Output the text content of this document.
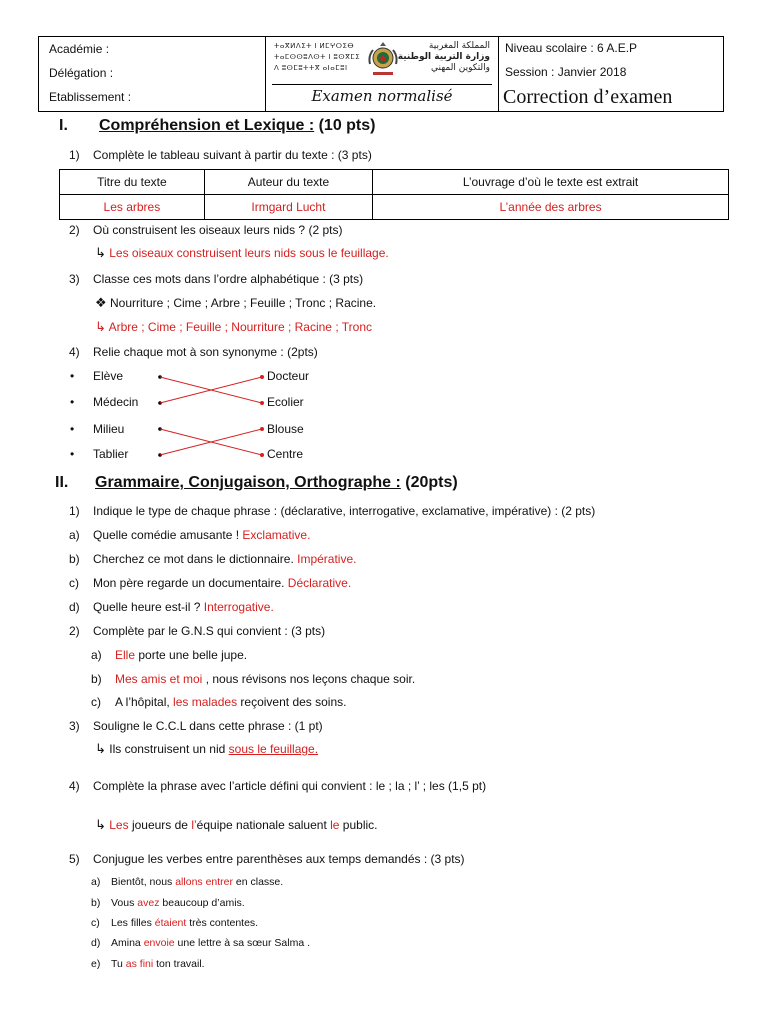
Académie :
Délégation :
Etablissement :
ⵜⴰⴳⵍⴷⵉⵜ ⵏ ⵍⵎⵖⵔⵉⴱ
ⵜⴰⵎⵙⵙⵓⴷⵙⵜ ⵏ ⵓⵙⴳⵎⵉ
ⴷ ⵓⵙⵎⵓⵜⵜⴳ ⴰⵏⴰⵎⵓⵏ
المملكة المغربية
وزارة التربية الوطنية
والتكوين المهني
Examen normalisé
Niveau scolaire : 6 A.E.P
Session : Janvier 2018
Correction d’examen
I. Compréhension et Lexique : (10 pts)
1) Complète le tableau suivant à partir du texte : (3 pts)
Titre du texte	Auteur du texte	L’ouvrage d’où le texte est extrait
Les arbres	Irmgard Lucht	L’année des arbres
2) Où construisent les oiseaux leurs nids ? (2 pts)
↳ Les oiseaux construisent leurs nids sous le feuillage.
3) Classe ces mots dans l’ordre alphabétique : (3 pts)
❖ Nourriture ; Cime ; Arbre ; Feuille ; Tronc ; Racine.
↳ Arbre ; Cime ; Feuille ; Nourriture ; Racine ; Tronc
4) Relie chaque mot à son synonyme : (2pts)
• Elève
• Médecin
• Milieu
• Tablier
Docteur
Ecolier
Blouse
Centre
II. Grammaire, Conjugaison, Orthographe : (20pts)
1) Indique le type de chaque phrase : (déclarative, interrogative, exclamative, impérative) : (2 pts)
a) Quelle comédie amusante ! Exclamative.
b) Cherchez ce mot dans le dictionnaire. Impérative.
c) Mon père regarde un documentaire. Déclarative.
d) Quelle heure est-il ? Interrogative.
2) Complète par le G.N.S qui convient : (3 pts)
a) Elle porte une belle jupe.
b) Mes amis et moi , nous révisons nos leçons chaque soir.
c) A l’hôpital, les malades reçoivent des soins.
3) Souligne le C.C.L dans cette phrase : (1 pt)
↳ Ils construisent un nid sous le feuillage.
4) Complète la phrase avec l’article défini qui convient : le ; la ; l’ ; les (1,5 pt)
↳ Les joueurs de l’équipe nationale saluent le public.
5) Conjugue les verbes entre parenthèses aux temps demandés : (3 pts)
a) Bientôt, nous allons entrer en classe.
b) Vous avez beaucoup d’amis.
c) Les filles étaient très contentes.
d) Amina envoie une lettre à sa sœur Salma .
e) Tu as fini ton travail.
